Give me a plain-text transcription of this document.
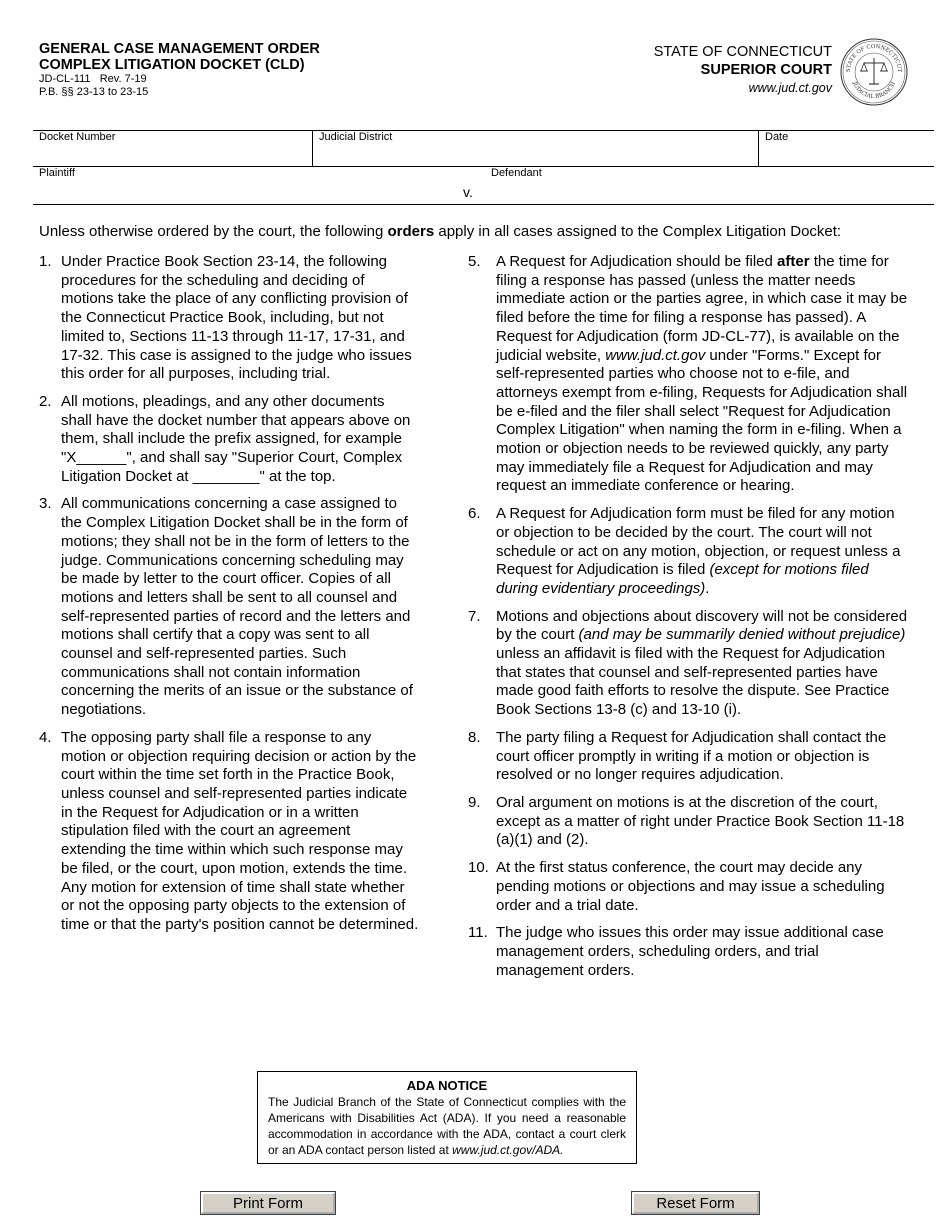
GENERAL CASE MANAGEMENT ORDER
COMPLEX LITIGATION DOCKET (CLD)
JD-CL-111   Rev. 7-19
P.B. §§ 23-13 to 23-15
STATE OF CONNECTICUT
SUPERIOR COURT
www.jud.ct.gov
STATE OF CONNECTICUT
JUDICIAL BRANCH
Docket Number	Judicial District	Date
Plaintiff
v.
Defendant
Unless otherwise ordered by the court, the following orders apply in all cases assigned to the Complex Litigation Docket:
1. Under Practice Book Section 23-14, the following procedures for the scheduling and deciding of motions take the place of any conflicting provision of the Connecticut Practice Book, including, but not limited to, Sections 11-13 through 11-17, 17-31, and 17-32. This case is assigned to the judge who issues this order for all purposes, including trial.
2. All motions, pleadings, and any other documents shall have the docket number that appears above on them, shall include the prefix assigned, for example "X______", and shall say "Superior Court, Complex Litigation Docket at ________" at the top.
3. All communications concerning a case assigned to the Complex Litigation Docket shall be in the form of motions; they shall not be in the form of letters to the judge. Communications concerning scheduling may be made by letter to the court officer. Copies of all motions and letters shall be sent to all counsel and self-represented parties of record and the letters and motions shall certify that a copy was sent to all counsel and self-represented parties. Such communications shall not contain information concerning the merits of an issue or the substance of negotiations.
4. The opposing party shall file a response to any motion or objection requiring decision or action by the court within the time set forth in the Practice Book, unless counsel and self-represented parties indicate in the Request for Adjudication or in a written stipulation filed with the court an agreement extending the time within which such response may be filed, or the court, upon motion, extends the time. Any motion for extension of time shall state whether or not the opposing party objects to the extension of time or that the party's position cannot be determined.
5. A Request for Adjudication should be filed after the time for filing a response has passed (unless the matter needs immediate action or the parties agree, in which case it may be filed before the time for filing a response has passed). A Request for Adjudication (form JD-CL-77), is available on the judicial website, www.jud.ct.gov under "Forms." Except for self-represented parties who choose not to e-file, and attorneys exempt from e-filing, Requests for Adjudication shall be e-filed and the filer shall select "Request for Adjudication Complex Litigation" when naming the form in e-filing. When a motion or objection needs to be reviewed quickly, any party may immediately file a Request for Adjudication and may request an immediate conference or hearing.
6. A Request for Adjudication form must be filed for any motion or objection to be decided by the court. The court will not schedule or act on any motion, objection, or request unless a Request for Adjudication is filed (except for motions filed during evidentiary proceedings).
7. Motions and objections about discovery will not be considered by the court (and may be summarily denied without prejudice) unless an affidavit is filed with the Request for Adjudication that states that counsel and self-represented parties have made good faith efforts to resolve the dispute. See Practice Book Sections 13-8 (c) and 13-10 (i).
8. The party filing a Request for Adjudication shall contact the court officer promptly in writing if a motion or objection is resolved or no longer requires adjudication.
9. Oral argument on motions is at the discretion of the court, except as a matter of right under Practice Book Section 11-18 (a)(1) and (2).
10. At the first status conference, the court may decide any pending motions or objections and may issue a scheduling order and a trial date.
11. The judge who issues this order may issue additional case management orders, scheduling orders, and trial management orders.
ADA NOTICE
The Judicial Branch of the State of Connecticut complies with the Americans with Disabilities Act (ADA). If you need a reasonable accommodation in accordance with the ADA, contact a court clerk or an ADA contact person listed at www.jud.ct.gov/ADA.
Print Form	Reset Form
